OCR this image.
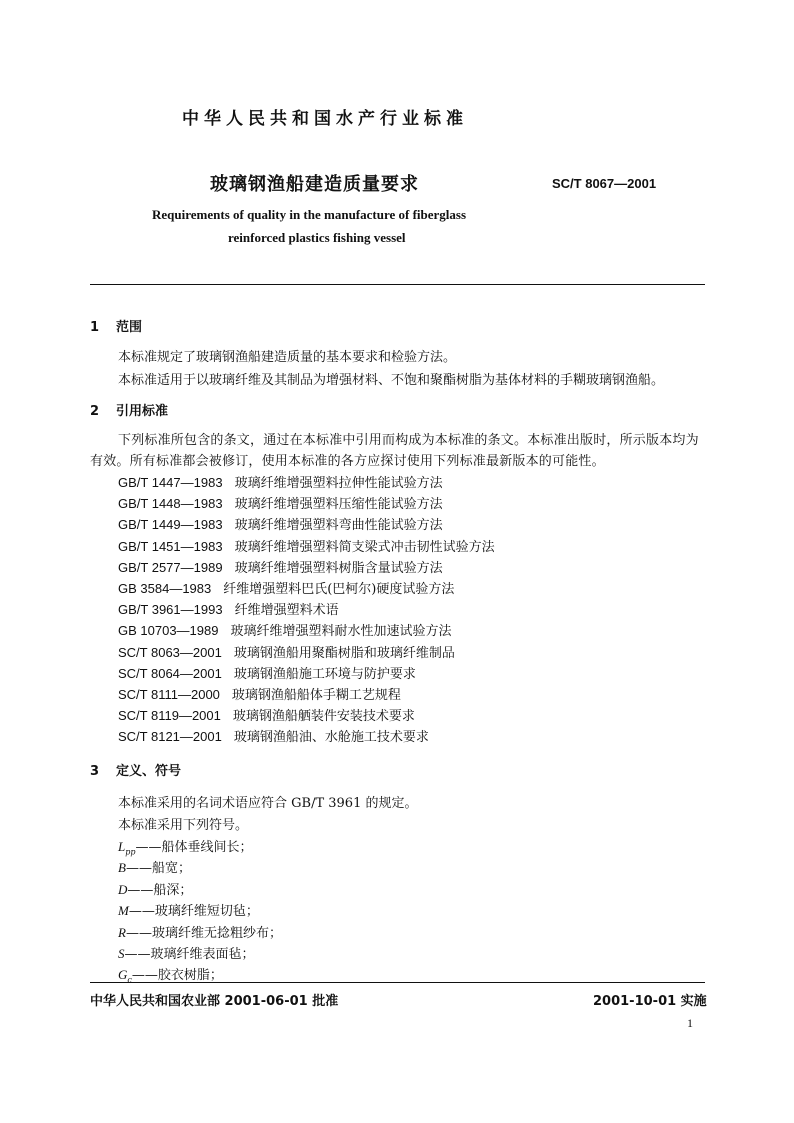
中华人民共和国水产行业标准
玻璃钢渔船建造质量要求	SC/T 8067—2001
Requirements of quality in the manufacture of fiberglass
reinforced plastics fishing vessel
1 范围
本标准规定了玻璃钢渔船建造质量的基本要求和检验方法。
本标准适用于以玻璃纤维及其制品为增强材料、不饱和聚酯树脂为基体材料的手糊玻璃钢渔船。
2 引用标准
下列标准所包含的条文，通过在本标准中引用而构成为本标准的条文。本标准出版时，所示版本均为有效。所有标准都会被修订，使用本标准的各方应探讨使用下列标准最新版本的可能性。
GB/T 1447—1983 玻璃纤维增强塑料拉伸性能试验方法
GB/T 1448—1983 玻璃纤维增强塑料压缩性能试验方法
GB/T 1449—1983 玻璃纤维增强塑料弯曲性能试验方法
GB/T 1451—1983 玻璃纤维增强塑料简支梁式冲击韧性试验方法
GB/T 2577—1989 玻璃纤维增强塑料树脂含量试验方法
GB 3584—1983 纤维增强塑料巴氏(巴柯尔)硬度试验方法
GB/T 3961—1993 纤维增强塑料术语
GB 10703—1989 玻璃纤维增强塑料耐水性加速试验方法
SC/T 8063—2001 玻璃钢渔船用聚酯树脂和玻璃纤维制品
SC/T 8064—2001 玻璃钢渔船施工环境与防护要求
SC/T 8111—2000 玻璃钢渔船船体手糊工艺规程
SC/T 8119—2001 玻璃钢渔船舾装件安装技术要求
SC/T 8121—2001 玻璃钢渔船油、水舱施工技术要求
3 定义、符号
本标准采用的名词术语应符合 GB/T 3961 的规定。
本标准采用下列符号。
$L_{pp}——$船体垂线间长；
B——船宽；
D——船深；
M——玻璃纤维短切毡；
R——玻璃纤维无捻粗纱布；
S——玻璃纤维表面毡；
$G_c——$胶衣树脂；
中华人民共和国农业部 2001-06-01 批准	2001-10-01 实施
1
